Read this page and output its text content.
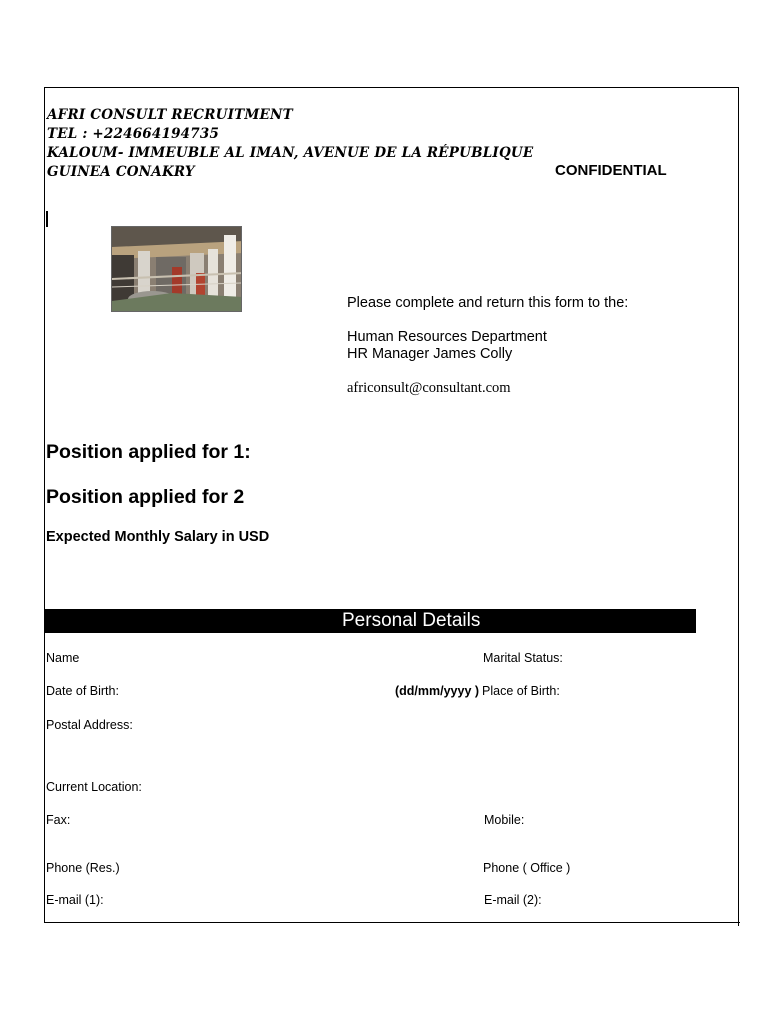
AFRI CONSULT RECRUITMENT
TEL : +224664194735
KALOUM- IMMEUBLE AL IMAN, AVENUE DE LA RÉPUBLIQUE
GUINEA CONAKRY	CONFIDENTIAL
Please complete and return this form to the:
Human Resources Department
HR Manager James Colly
africonsult@consultant.com
Position applied for 1:
Position applied for 2
Expected Monthly Salary in USD
Personal Details
Name	Marital Status:
Date of Birth:	(dd/mm/yyyy ) Place of Birth:
Postal Address:
Current Location:
Fax:	Mobile:
Phone (Res.)	Phone ( Office )
E-mail (1):	E-mail (2):
